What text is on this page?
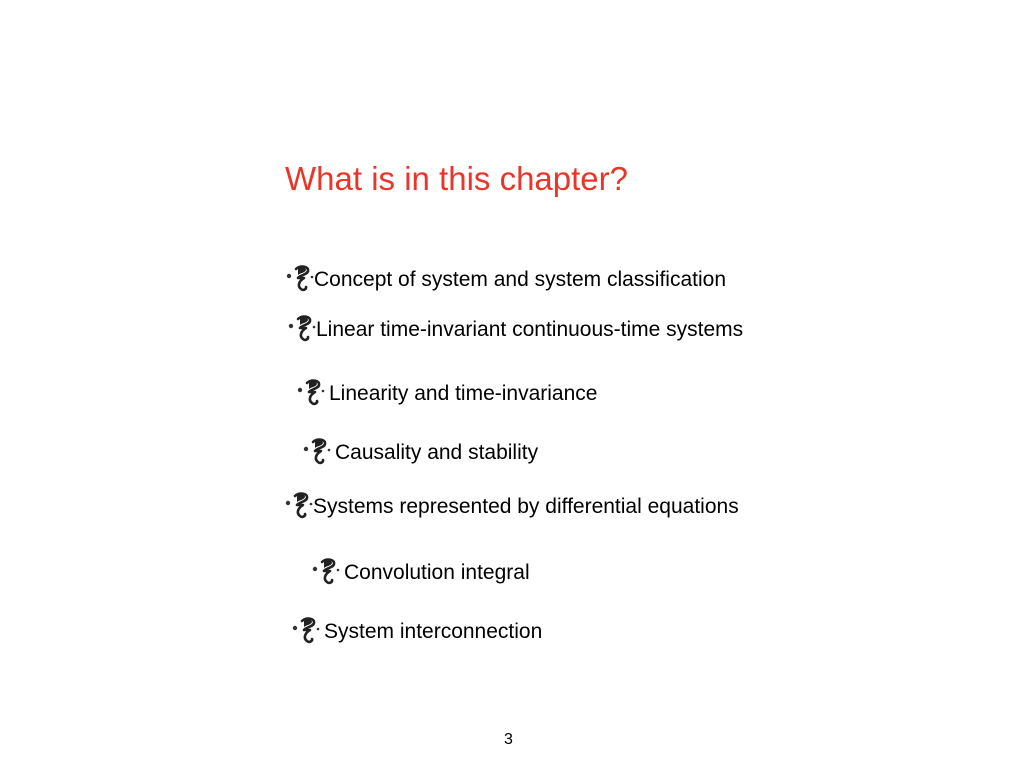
What is in this chapter?
Concept of system and system classification
Linear time-invariant continuous-time systems
Linearity and time-invariance
Causality and stability
Systems represented by differential equations
Convolution integral
System interconnection
3
